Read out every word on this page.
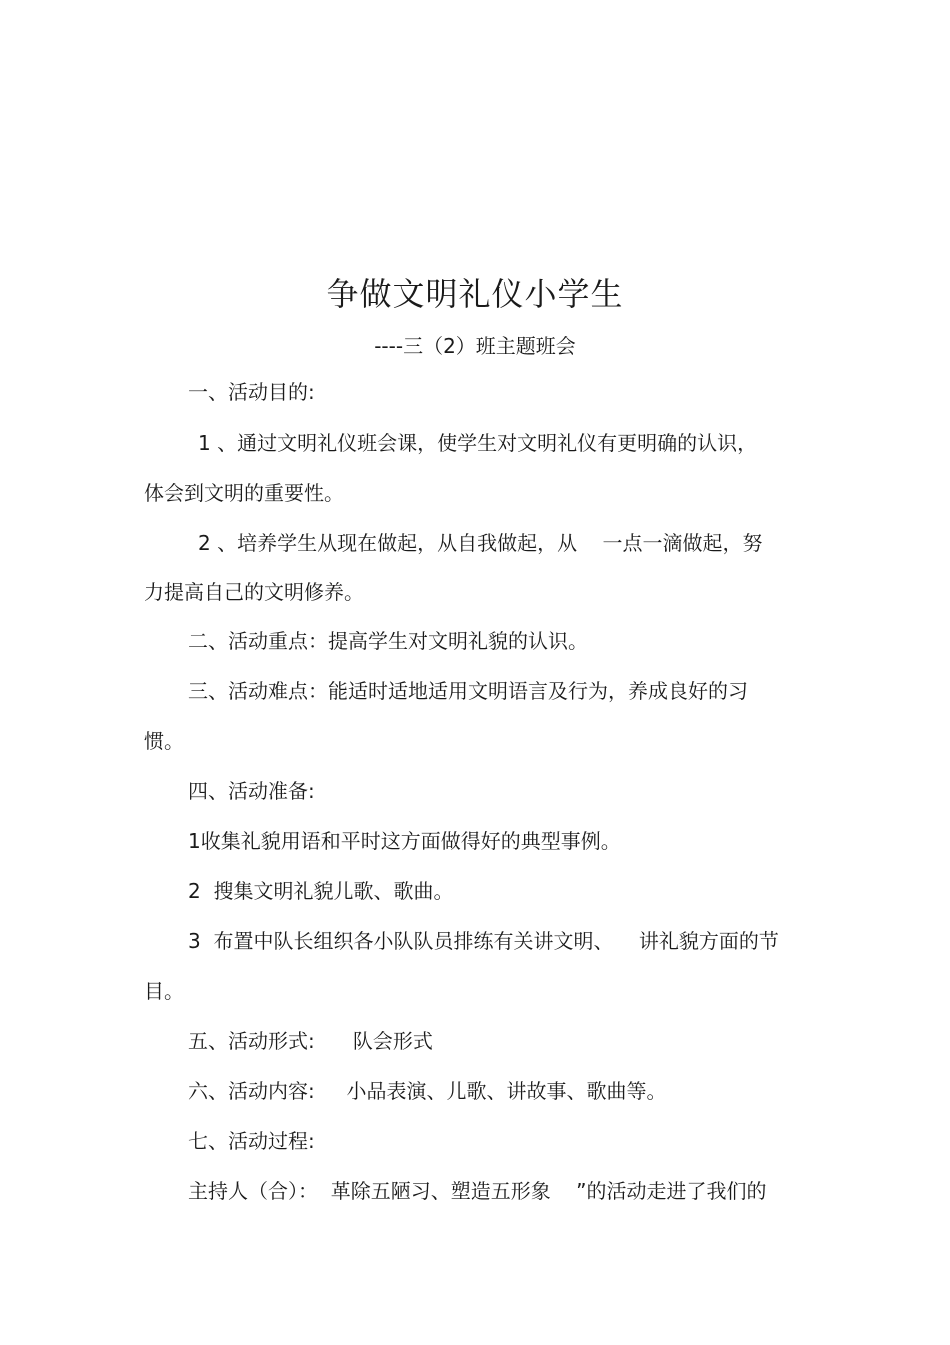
争做文明礼仪小学生
----三（2）班主题班会
一、活动目的:
1 、通过文明礼仪班会课，使学生对文明礼仪有更明确的认识，
体会到文明的重要性。
2 、培养学生从现在做起，从自我做起，从    一点一滴做起，努
力提高自己的文明修养。
二、活动重点：提高学生对文明礼貌的认识。
三、活动难点：能适时适地适用文明语言及行为，养成良好的习
惯。
四、活动准备:
1收集礼貌用语和平时这方面做得好的典型事例。
2  搜集文明礼貌儿歌、歌曲。
3  布置中队长组织各小队队员排练有关讲文明、    讲礼貌方面的节
目。
五、活动形式:      队会形式
六、活动内容:     小品表演、儿歌、讲故事、歌曲等。
七、活动过程:
主持人（合）：  革除五陋习、塑造五形象    ”的活动走进了我们的
